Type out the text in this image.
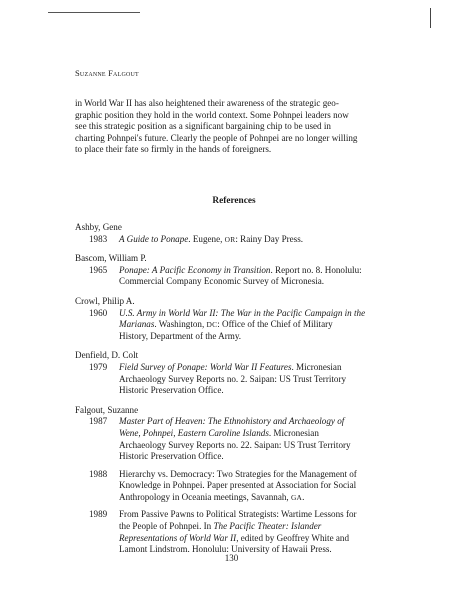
Suzanne Falgout
in World War II has also heightened their awareness of the strategic geo-
graphic position they hold in the world context. Some Pohnpei leaders now
see this strategic position as a significant bargaining chip to be used in
charting Pohnpei's future. Clearly the people of Pohnpei are no longer willing
to place their fate so firmly in the hands of foreigners.
References
Ashby, Gene
1983 A Guide to Ponape. Eugene, OR: Rainy Day Press.
Bascom, William P.
1965 Ponape: A Pacific Economy in Transition. Report no. 8. Honolulu:
Commercial Company Economic Survey of Micronesia.
Crowl, Philip A.
1960 U.S. Army in World War II: The War in the Pacific Campaign in the
Marianas. Washington, DC: Office of the Chief of Military
History, Department of the Army.
Denfield, D. Colt
1979 Field Survey of Ponape: World War II Features. Micronesian
Archaeology Survey Reports no. 2. Saipan: US Trust Territory
Historic Preservation Office.
Falgout, Suzanne
1987 Master Part of Heaven: The Ethnohistory and Archaeology of
Wene, Pohnpei, Eastern Caroline Islands. Micronesian
Archaeology Survey Reports no. 22. Saipan: US Trust Territory
Historic Preservation Office.
1988 Hierarchy vs. Democracy: Two Strategies for the Management of
Knowledge in Pohnpei. Paper presented at Association for Social
Anthropology in Oceania meetings, Savannah, GA.
1989 From Passive Pawns to Political Strategists: Wartime Lessons for
the People of Pohnpei. In The Pacific Theater: Islander
Representations of World War II, edited by Geoffrey White and
Lamont Lindstrom. Honolulu: University of Hawaii Press.
130
